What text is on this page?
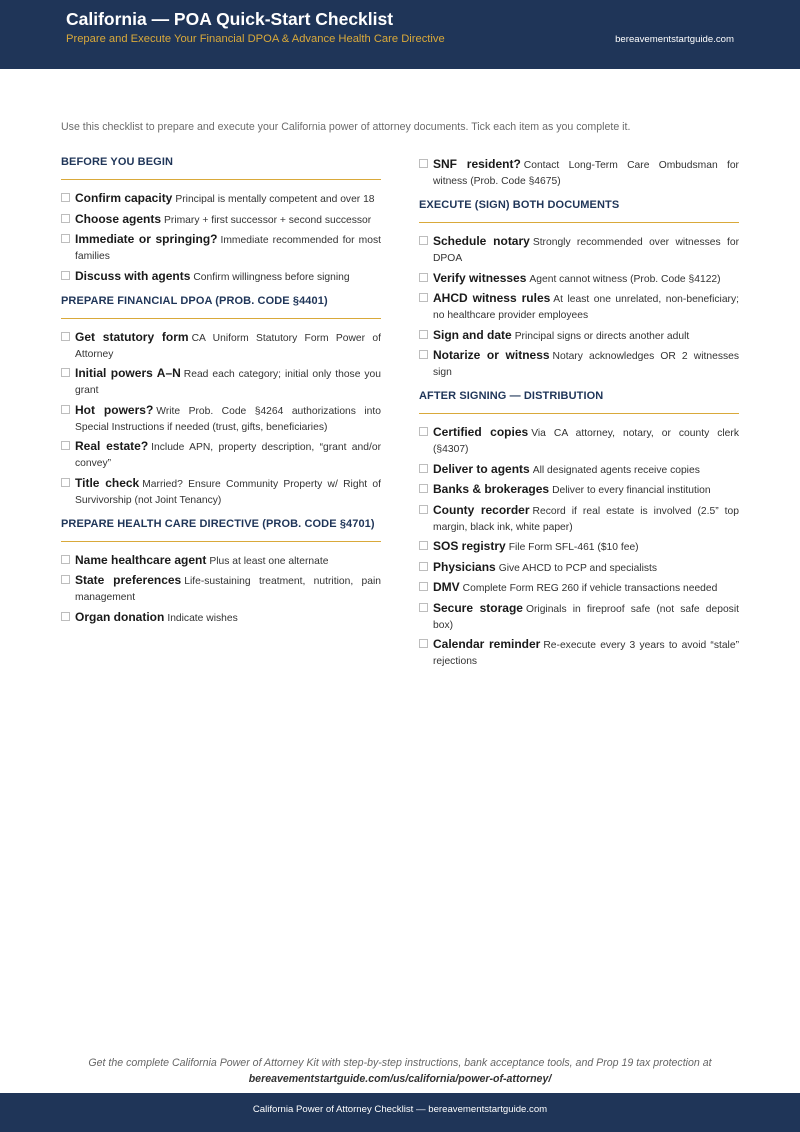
California — POA Quick-Start Checklist
Prepare and Execute Your Financial DPOA & Advance Health Care Directive	bereavementstartguide.com
Use this checklist to prepare and execute your California power of attorney documents. Tick each item as you complete it.
BEFORE YOU BEGIN
Confirm capacity Principal is mentally competent and over 18
Choose agents Primary + first successor + second successor
Immediate or springing? Immediate recommended for most families
Discuss with agents Confirm willingness before signing
PREPARE FINANCIAL DPOA (PROB. CODE §4401)
Get statutory form CA Uniform Statutory Form Power of Attorney
Initial powers A–N Read each category; initial only those you grant
Hot powers? Write Prob. Code §4264 authorizations into Special Instructions if needed (trust, gifts, beneficiaries)
Real estate? Include APN, property description, “grant and/or convey”
Title check Married? Ensure Community Property w/ Right of Survivorship (not Joint Tenancy)
PREPARE HEALTH CARE DIRECTIVE (PROB. CODE §4701)
Name healthcare agent Plus at least one alternate
State preferences Life-sustaining treatment, nutrition, pain management
Organ donation Indicate wishes
SNF resident? Contact Long-Term Care Ombudsman for witness (Prob. Code §4675)
EXECUTE (SIGN) BOTH DOCUMENTS
Schedule notary Strongly recommended over witnesses for DPOA
Verify witnesses Agent cannot witness (Prob. Code §4122)
AHCD witness rules At least one unrelated, non-beneficiary; no healthcare provider employees
Sign and date Principal signs or directs another adult
Notarize or witness Notary acknowledges OR 2 witnesses sign
AFTER SIGNING — DISTRIBUTION
Certified copies Via CA attorney, notary, or county clerk (§4307)
Deliver to agents All designated agents receive copies
Banks & brokerages Deliver to every financial institution
County recorder Record if real estate is involved (2.5” top margin, black ink, white paper)
SOS registry File Form SFL-461 ($10 fee)
Physicians Give AHCD to PCP and specialists
DMV Complete Form REG 260 if vehicle transactions needed
Secure storage Originals in fireproof safe (not safe deposit box)
Calendar reminder Re-execute every 3 years to avoid “stale” rejections
Get the complete California Power of Attorney Kit with step-by-step instructions, bank acceptance tools, and Prop 19 tax protection at
bereavementstartguide.com/us/california/power-of-attorney/
California Power of Attorney Checklist — bereavementstartguide.com
